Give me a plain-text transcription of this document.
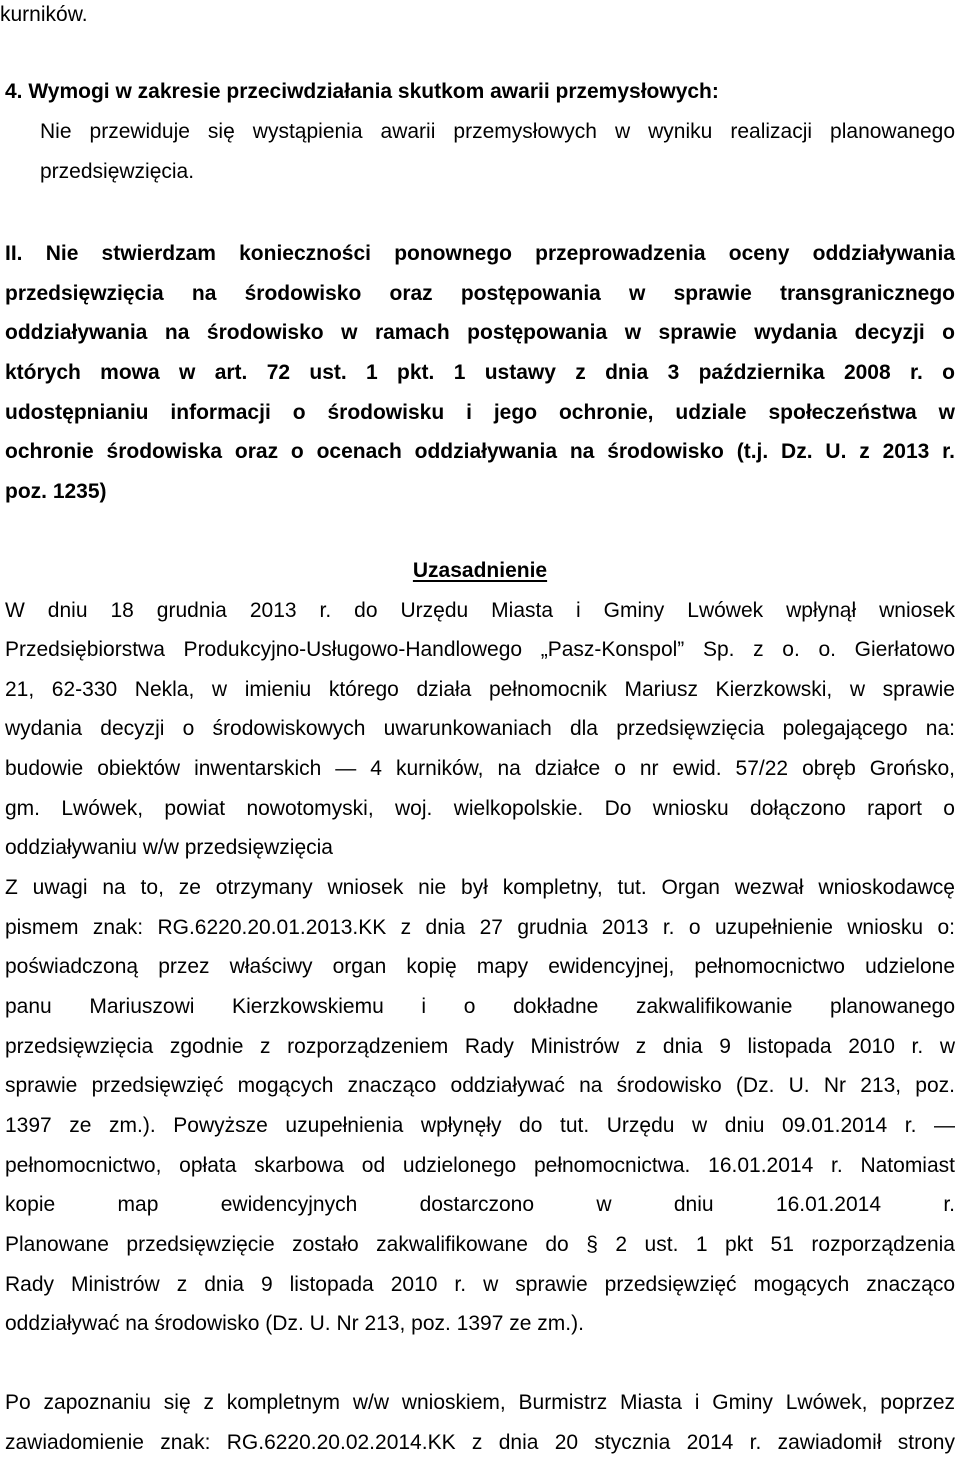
kurników.
4. Wymogi w zakresie przeciwdziałania skutkom awarii przemysłowych:
Nie przewiduje się wystąpienia awarii przemysłowych w wyniku realizacji planowanego
przedsięwzięcia.
II. Nie stwierdzam konieczności ponownego przeprowadzenia oceny oddziaływania
przedsięwzięcia na środowisko oraz postępowania w sprawie transgranicznego
oddziaływania na środowisko w ramach postępowania w sprawie wydania decyzji o
których mowa w art. 72 ust. 1 pkt. 1 ustawy z dnia 3 października 2008 r. o
udostępnianiu informacji o środowisku i jego ochronie, udziale społeczeństwa w
ochronie środowiska oraz o ocenach oddziaływania na środowisko (t.j. Dz. U. z 2013 r.
poz. 1235)
Uzasadnienie
W dniu 18 grudnia 2013 r. do Urzędu Miasta i Gminy Lwówek wpłynął wniosek
Przedsiębiorstwa Produkcyjno-Usługowo-Handlowego „Pasz-Konspol” Sp. z o. o. Gierłatowo
21, 62-330 Nekla, w imieniu którego działa pełnomocnik Mariusz Kierzkowski, w sprawie
wydania decyzji o środowiskowych uwarunkowaniach dla przedsięwzięcia polegającego na:
budowie obiektów inwentarskich — 4 kurników, na działce o nr ewid. 57/22 obręb Grońsko,
gm. Lwówek, powiat nowotomyski, woj. wielkopolskie. Do wniosku dołączono raport o
oddziaływaniu w/w przedsięwzięcia
Z uwagi na to, ze otrzymany wniosek nie był kompletny, tut. Organ wezwał wnioskodawcę
pismem znak: RG.6220.20.01.2013.KK z dnia 27 grudnia 2013 r. o uzupełnienie wniosku o:
poświadczoną przez właściwy organ kopię mapy ewidencyjnej, pełnomocnictwo udzielone
panu Mariuszowi Kierzkowskiemu i o dokładne zakwalifikowanie planowanego
przedsięwzięcia zgodnie z rozporządzeniem Rady Ministrów z dnia 9 listopada 2010 r. w
sprawie przedsięwzięć mogących znacząco oddziaływać na środowisko (Dz. U. Nr 213, poz.
1397 ze zm.). Powyższe uzupełnienia wpłynęły do tut. Urzędu w dniu 09.01.2014 r. —
pełnomocnictwo, opłata skarbowa od udzielonego pełnomocnictwa. 16.01.2014 r. Natomiast
kopie map ewidencyjnych dostarczono w dniu 16.01.2014 r.
Planowane przedsięwzięcie zostało zakwalifikowane do § 2 ust. 1 pkt 51 rozporządzenia
Rady Ministrów z dnia 9 listopada 2010 r. w sprawie przedsięwzięć mogących znacząco
oddziaływać na środowisko (Dz. U. Nr 213, poz. 1397 ze zm.).
Po zapoznaniu się z kompletnym w/w wnioskiem, Burmistrz Miasta i Gminy Lwówek, poprzez
zawiadomienie znak: RG.6220.20.02.2014.KK z dnia 20 stycznia 2014 r. zawiadomił strony
